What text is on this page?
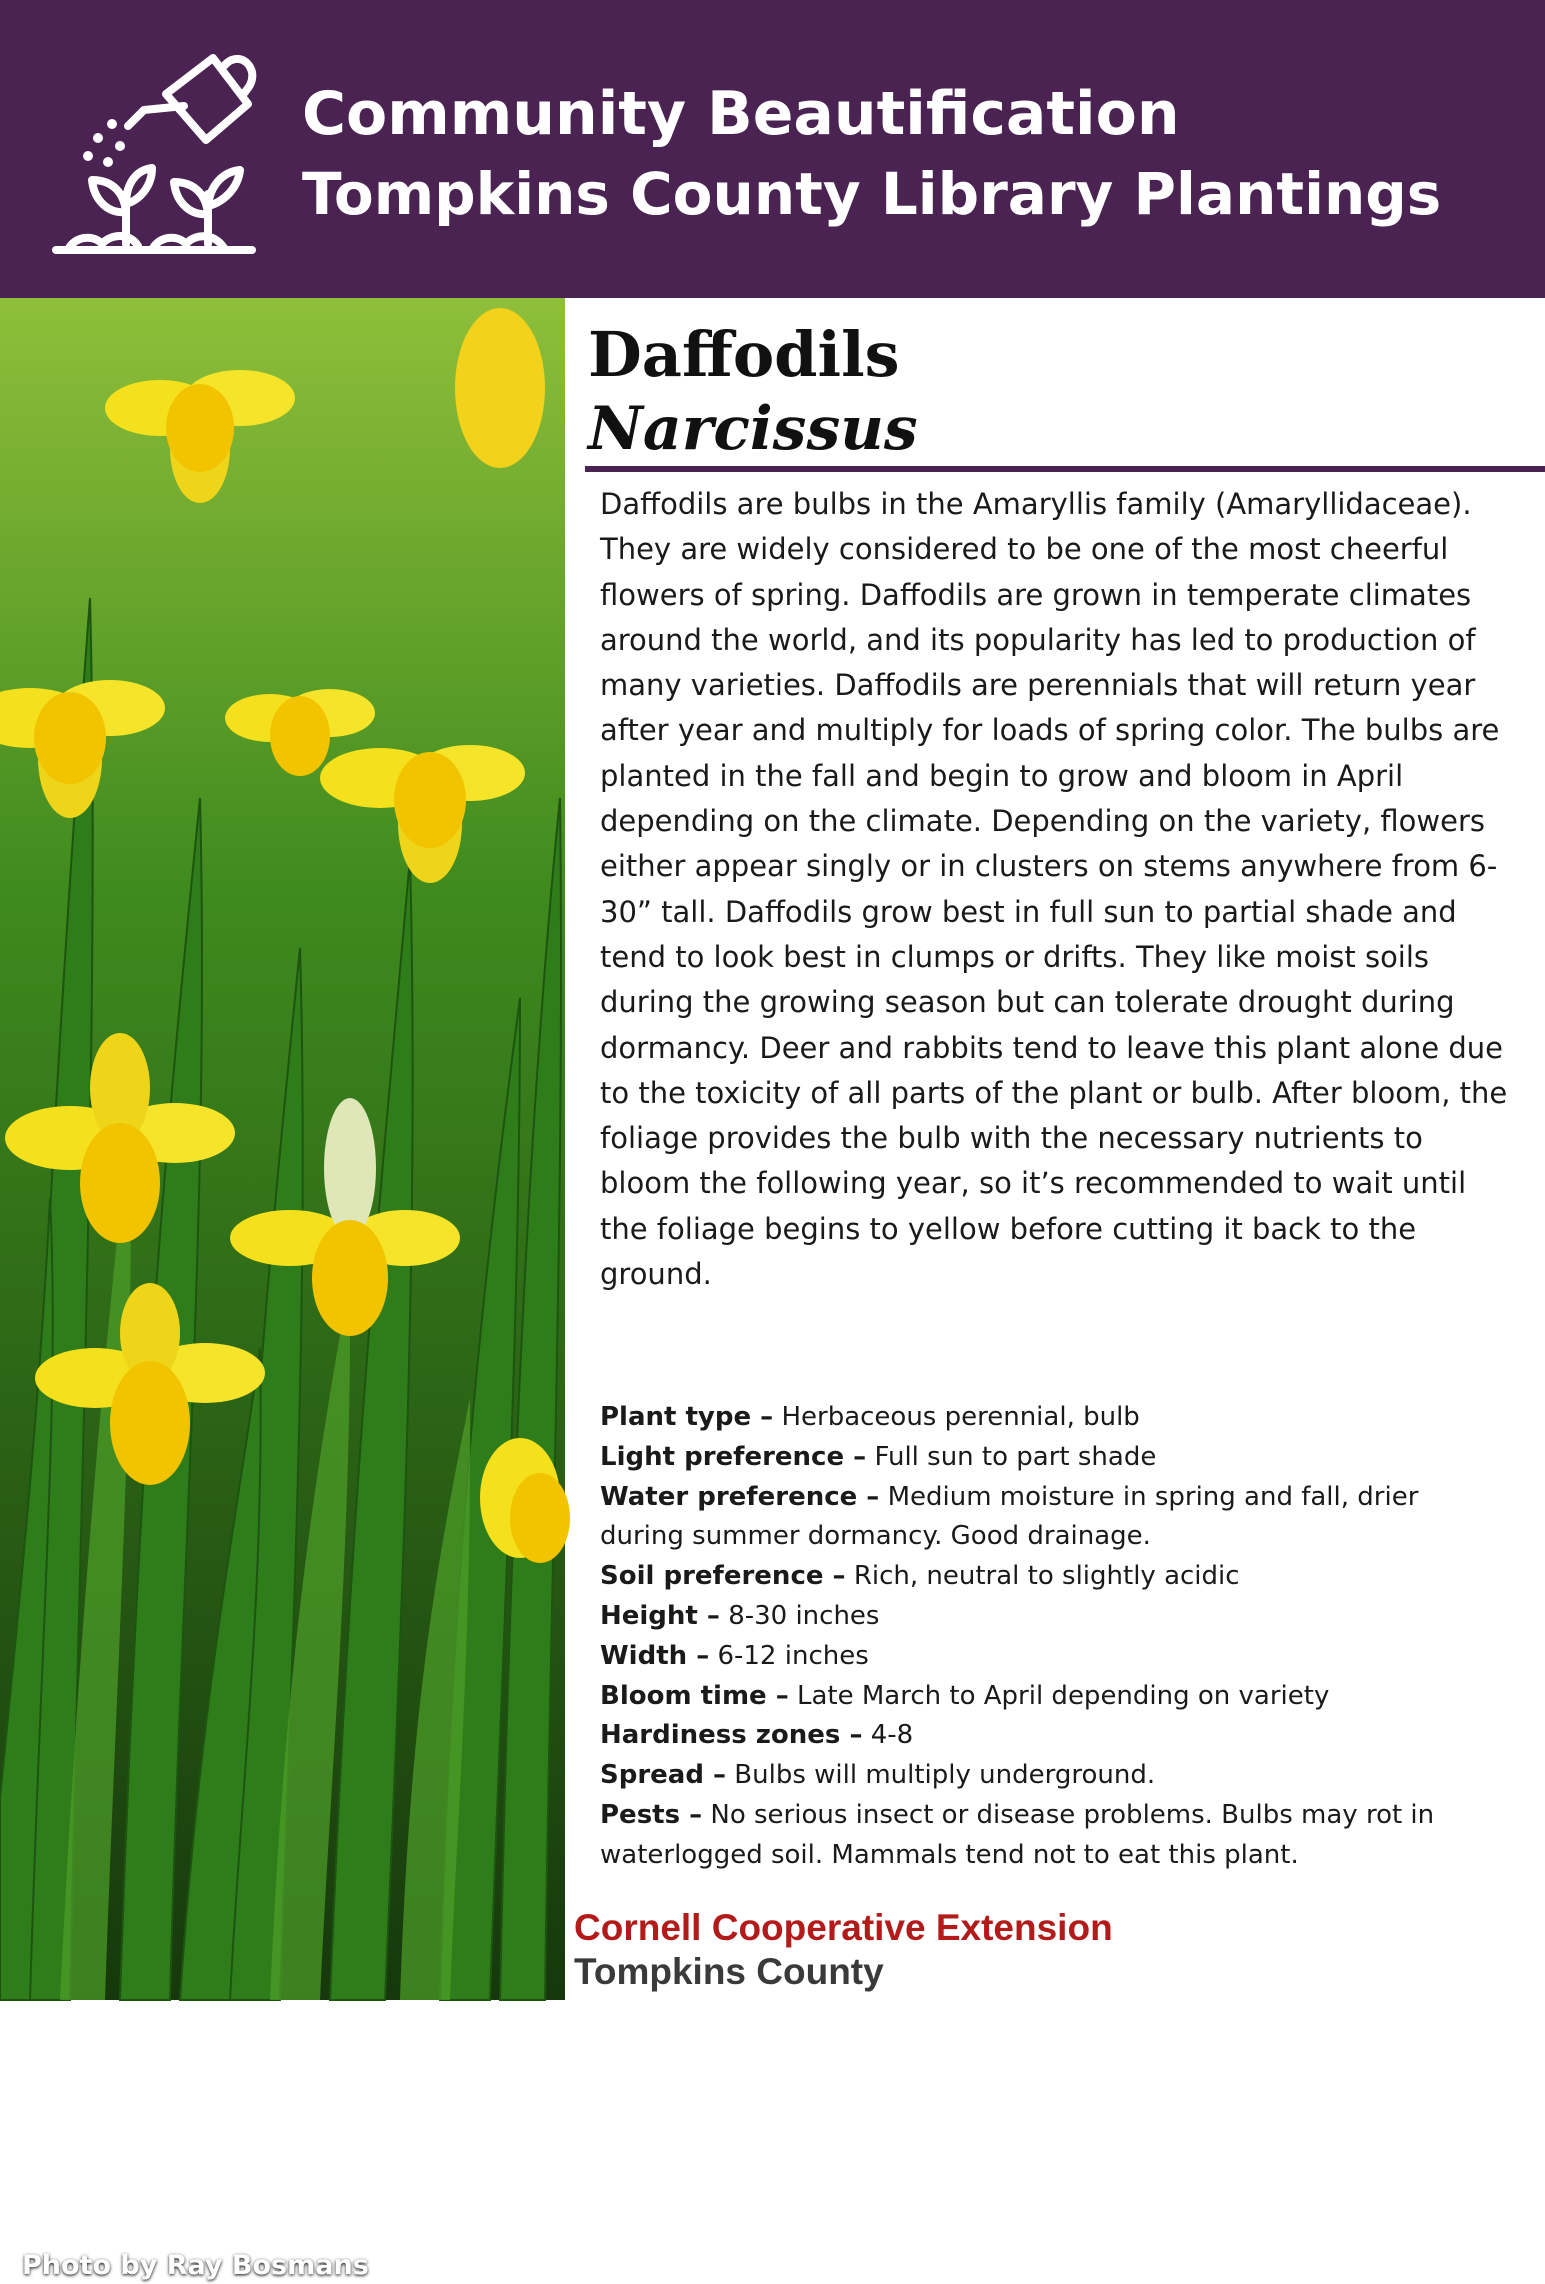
Community Beautification
Tompkins County Library Plantings
Photo by Ray Bosmans
Daffodils
Narcissus

Daffodils are bulbs in the Amaryllis family (Amaryllidaceae). They are widely considered to be one of the most cheerful flowers of spring. Daffodils are grown in temperate climates around the world, and its popularity has led to production of many varieties. Daffodils are perennials that will return year after year and multiply for loads of spring color. The bulbs are planted in the fall and begin to grow and bloom in April depending on the climate. Depending on the variety, flowers either appear singly or in clusters on stems anywhere from 6-30” tall. Daffodils grow best in full sun to partial shade and tend to look best in clumps or drifts. They like moist soils during the growing season but can tolerate drought during dormancy. Deer and rabbits tend to leave this plant alone due to the toxicity of all parts of the plant or bulb. After bloom, the foliage provides the bulb with the necessary nutrients to bloom the following year, so it’s recommended to wait until the foliage begins to yellow before cutting it back to the ground.

Plant type – Herbaceous perennial, bulb
Light preference – Full sun to part shade
Water preference – Medium moisture in spring and fall, drier during summer dormancy. Good drainage.
Soil preference – Rich, neutral to slightly acidic
Height – 8-30 inches
Width – 6-12 inches
Bloom time – Late March to April depending on variety
Hardiness zones – 4-8
Spread – Bulbs will multiply underground.
Pests – No serious insect or disease problems. Bulbs may rot in waterlogged soil. Mammals tend not to eat this plant.
Cornell Cooperative Extension
Tompkins County
